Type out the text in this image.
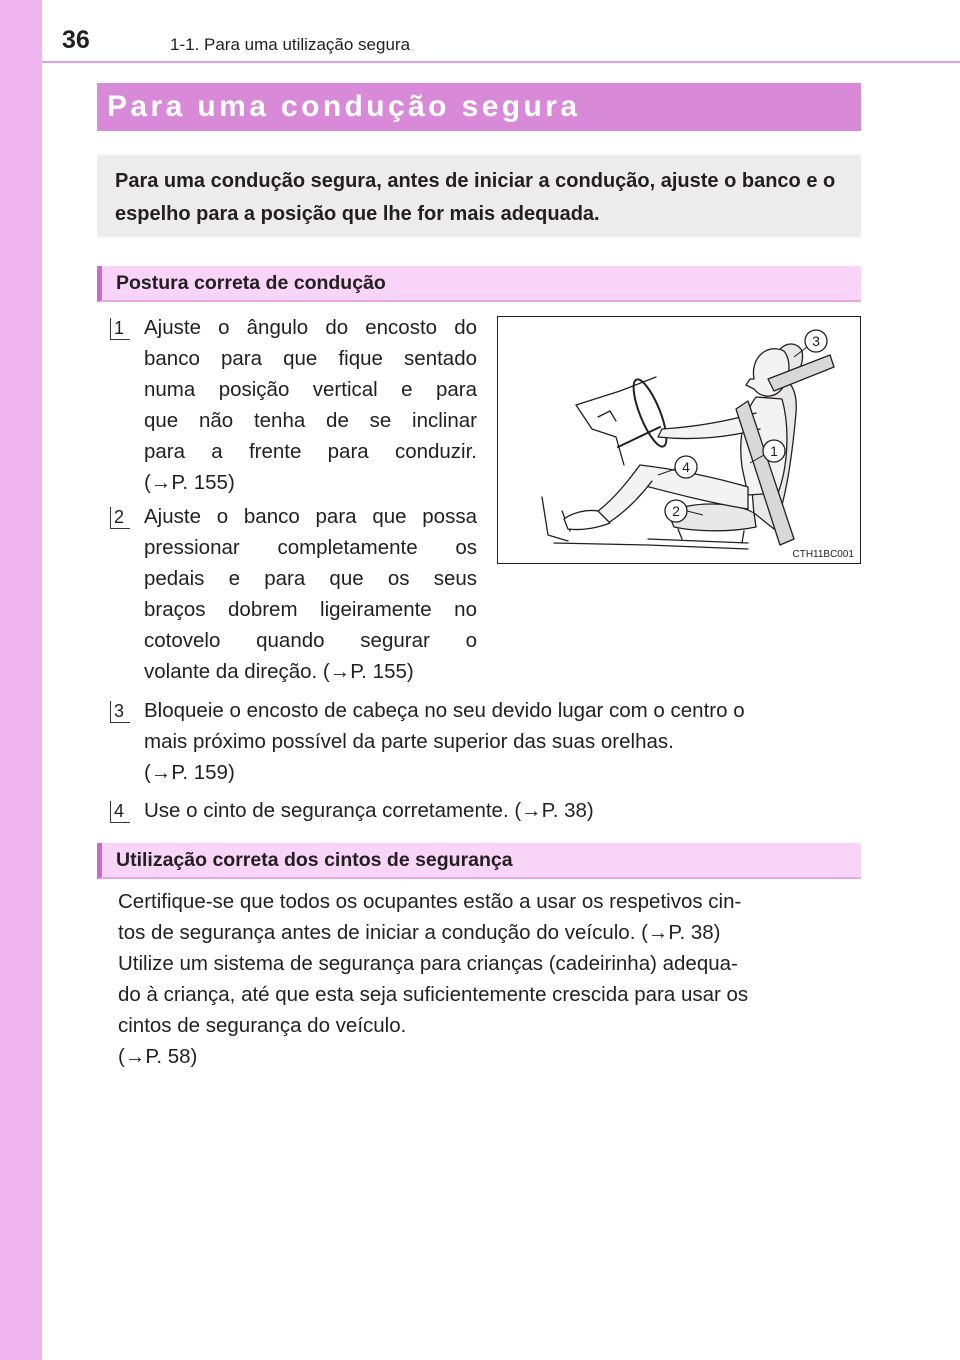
36	1-1. Para uma utilização segura
Para uma condução segura
Para uma condução segura, antes de iniciar a condução, ajuste o banco e o espelho para a posição que lhe for mais adequada.
Postura correta de condução
1 Ajuste o ângulo do encosto do
banco para que fique sentado
numa posição vertical e para
que não tenha de se inclinar
para a frente para conduzir.
(→P. 155)
2 Ajuste o banco para que possa
pressionar completamente os
pedais e para que os seus
braços dobrem ligeiramente no
cotovelo quando segurar o
volante da direção. (→P. 155)
1
2
3
4
CTH11BC001
3 Bloqueie o encosto de cabeça no seu devido lugar com o centro o
mais próximo possível da parte superior das suas orelhas.
(→P. 159)
4 Use o cinto de segurança corretamente. (→P. 38)
Utilização correta dos cintos de segurança
Certifique-se que todos os ocupantes estão a usar os respetivos cin-
tos de segurança antes de iniciar a condução do veículo. (→P. 38)
Utilize um sistema de segurança para crianças (cadeirinha) adequa-
do à criança, até que esta seja suficientemente crescida para usar os
cintos de segurança do veículo.
(→P. 58)
